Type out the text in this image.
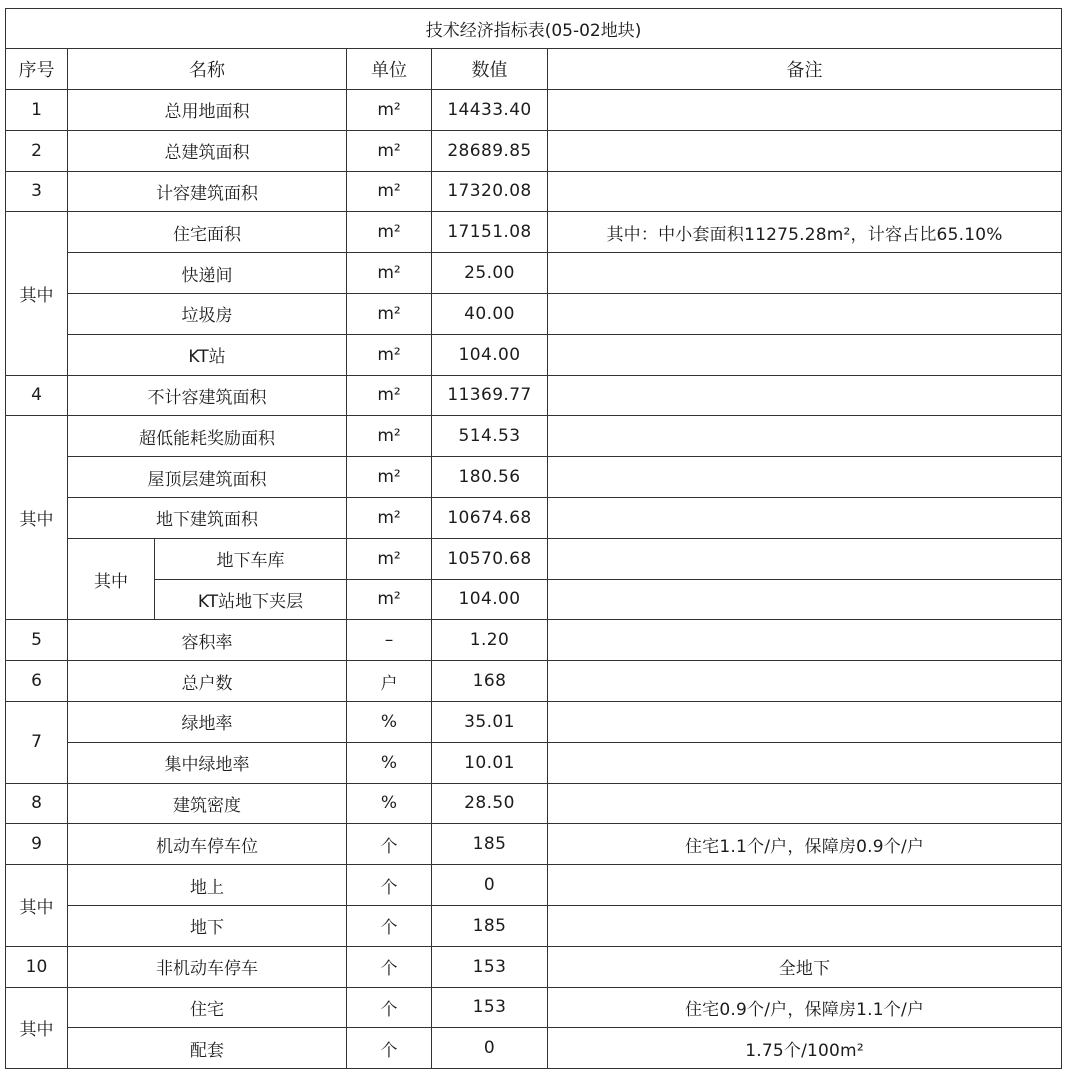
技术经济指标表(05-02地块)					
序号	名称		单位	数值	备注
1	总用地面积		m²	14433.40	
2	总建筑面积		m²	28689.85	
3	计容建筑面积		m²	17320.08	
其中	住宅面积		m²	17151.08	其中：中小套面积11275.28m²，计容占比65.10%
	快递间		m²	25.00	
	垃圾房		m²	40.00	
	KT站		m²	104.00	
4	不计容建筑面积		m²	11369.77	
其中	超低能耗奖励面积		m²	514.53	
	屋顶层建筑面积		m²	180.56	
	地下建筑面积		m²	10674.68	
	其中	地下车库	m²	10570.68	
		KT站地下夹层	m²	104.00	
5	容积率		–	1.20	
6	总户数		户	168	
7	绿地率		%	35.01	
	集中绿地率		%	10.01	
8	建筑密度		%	28.50	
9	机动车停车位		个	185	住宅1.1个/户，保障房0.9个/户
其中	地上		个	0	
	地下		个	185	
10	非机动车停车		个	153	全地下
其中	住宅		个	153	住宅0.9个/户，保障房1.1个/户
	配套		个	0	1.75个/100m²
